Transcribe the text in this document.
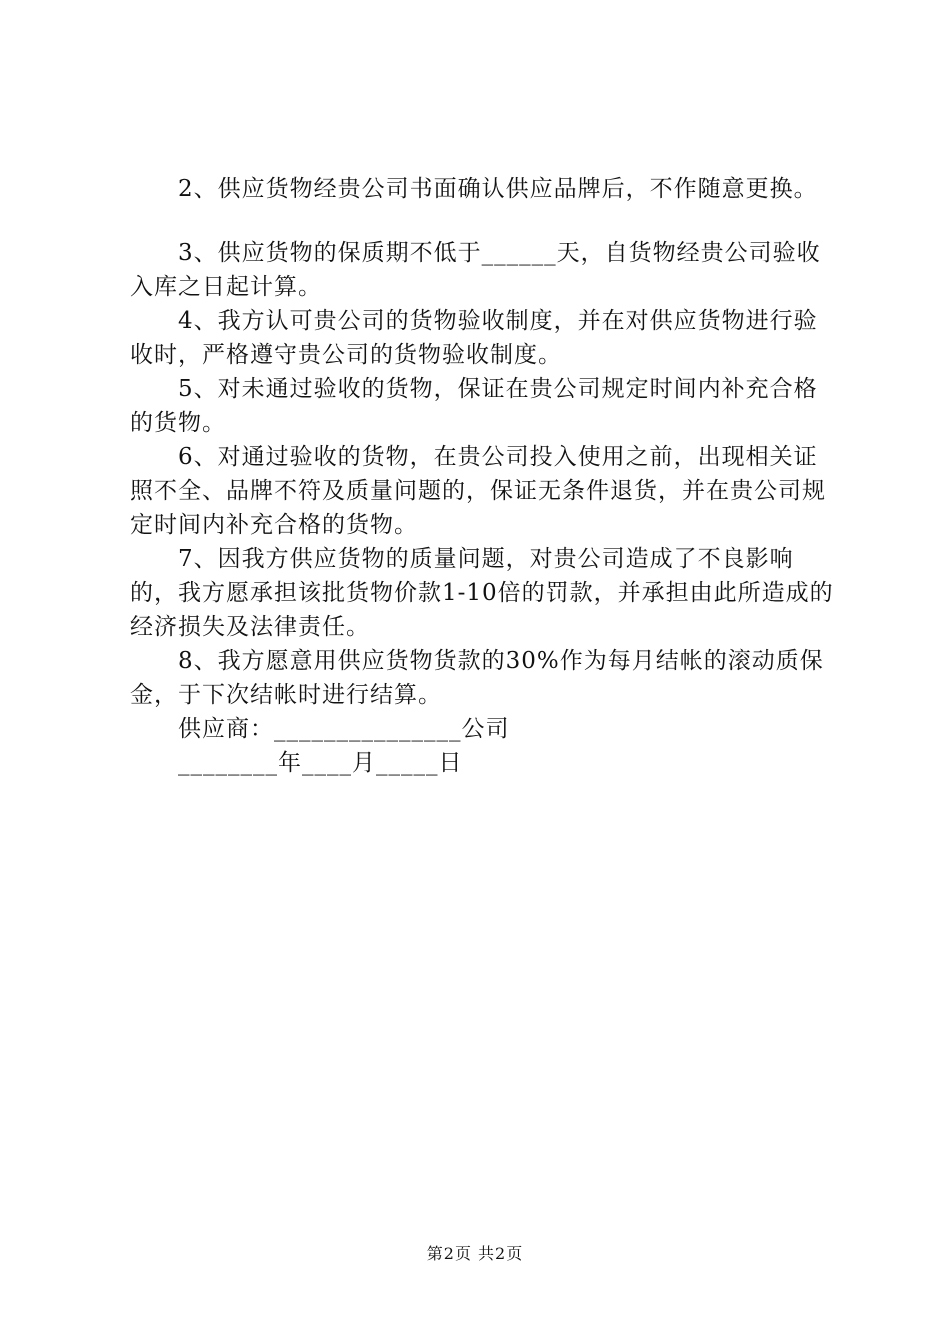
2、供应货物经贵公司书面确认供应品牌后，不作随意更换。

3、供应货物的保质期不低于______天，自货物经贵公司验收入库之日起计算。

4、我方认可贵公司的货物验收制度，并在对供应货物进行验收时，严格遵守贵公司的货物验收制度。

5、对未通过验收的货物，保证在贵公司规定时间内补充合格的货物。

6、对通过验收的货物，在贵公司投入使用之前，出现相关证照不全、品牌不符及质量问题的，保证无条件退货，并在贵公司规定时间内补充合格的货物。

7、因我方供应货物的质量问题，对贵公司造成了不良影响的，我方愿承担该批货物价款1-10倍的罚款，并承担由此所造成的经济损失及法律责任。

8、我方愿意用供应货物货款的30%作为每月结帐的滚动质保金，于下次结帐时进行结算。

供应商：_______________公司

________年____月_____日

第2页 共2页
